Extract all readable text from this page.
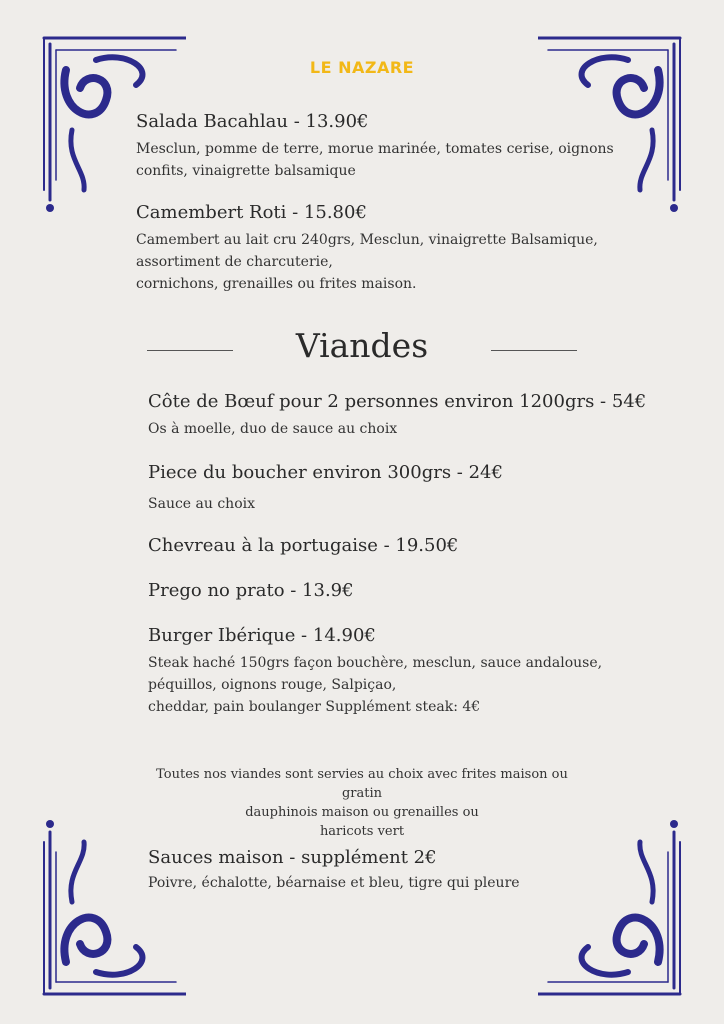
LE NAZARE
Salada Bacahlau - 13.90€
Mesclun, pomme de terre, morue marinée, tomates cerise, oignons
confits, vinaigrette balsamique
Camembert Roti - 15.80€
Camembert au lait cru 240grs, Mesclun, vinaigrette Balsamique,
assortiment de charcuterie,
cornichons, grenailles ou frites maison.
Viandes
Côte de Bœuf pour 2 personnes environ 1200grs - 54€
Os à moelle, duo de sauce au choix
Piece du boucher environ 300grs - 24€
Sauce au choix
Chevreau à la portugaise - 19.50€
Prego no prato - 13.9€
Burger Ibérique - 14.90€
Steak haché 150grs façon bouchère, mesclun, sauce andalouse,
péquillos, oignons rouge, Salpiçao,
cheddar, pain boulanger Supplément steak: 4€
Toutes nos viandes sont servies au choix avec frites maison ou gratin
dauphinois maison ou grenailles ou
haricots vert
Sauces maison - supplément 2€
Poivre, échalotte, béarnaise et bleu, tigre qui pleure
